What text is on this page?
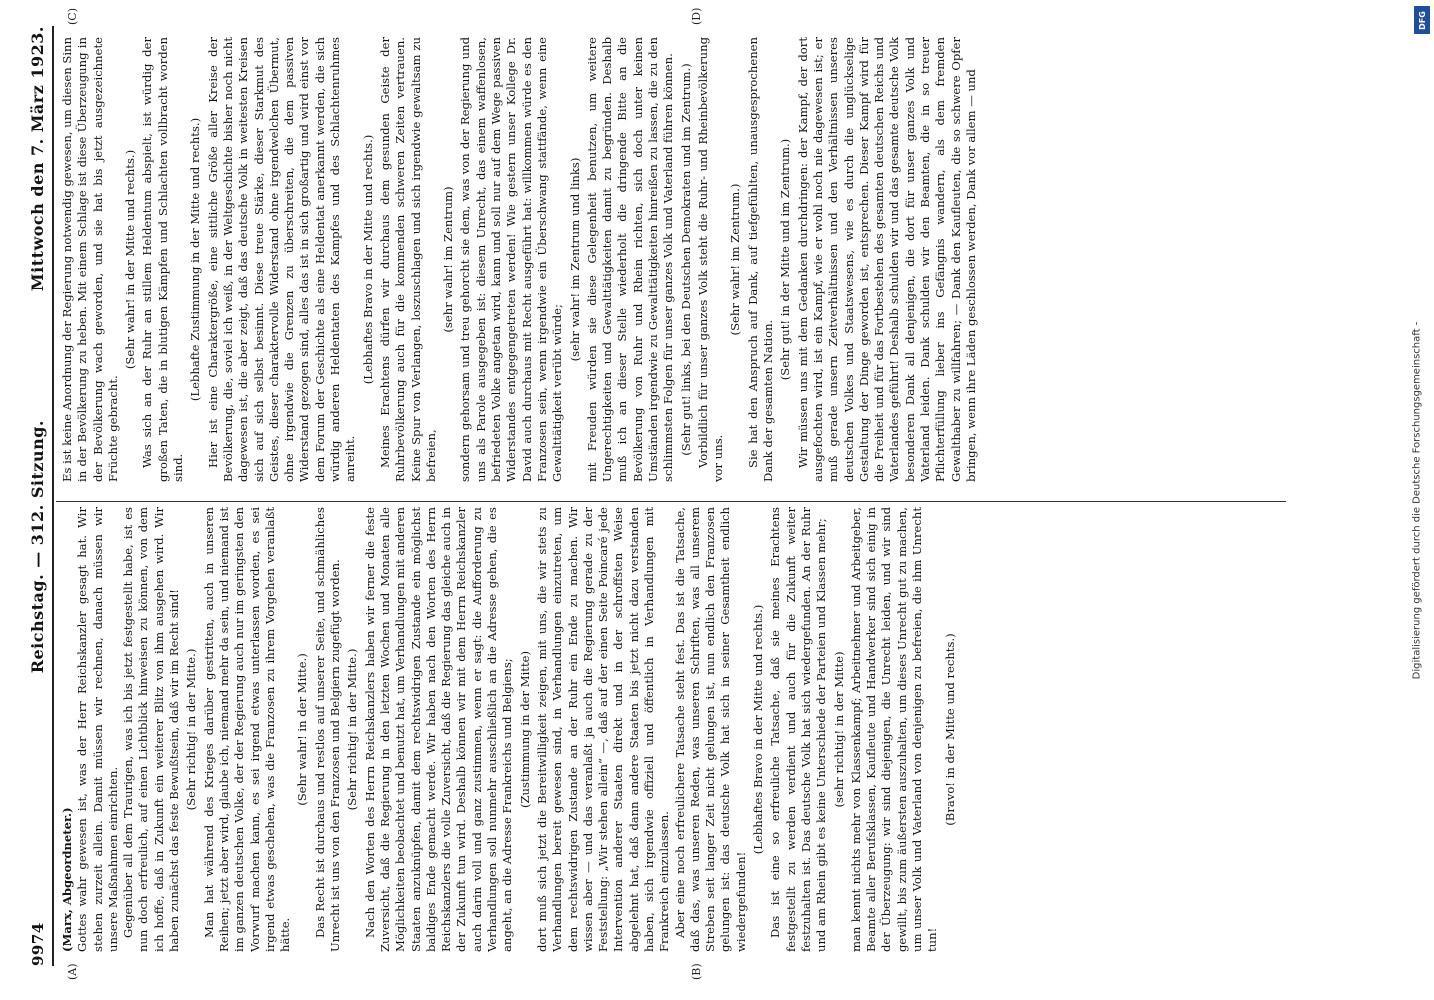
9974
Reichstag. — 312. Sitzung.
Mittwoch den 7. März 1923.
(A)	(B)
(C)	(D)

(Marx, Abgeordneter.) Gottes wahr gewesen ist, was der Herr Reichskanzler gesagt hat. Wir stehen zurzeit allein. Damit müssen wir rechnen, danach müssen wir unsere Maßnahmen einrichten. Gegenüber all dem Traurigen, was ich bis jetzt festgestellt habe, ist es nun doch erfreulich, auf einen Lichtblick hinweisen zu können, von dem ich hoffe, daß in Zukunft ein weiterer Blitz von ihm ausgehen wird. Wir haben zunächst das feste Bewußtsein, daß wir im Recht sind! (Sehr richtig! in der Mitte.) Man hat während des Krieges darüber gestritten, auch in unseren Reihen; jetzt aber wird, glaube ich, niemand mehr da sein, und niemand ist im ganzen deutschen Volke, der der Regierung auch nur im geringsten den Vorwurf machen kann, es sei irgend etwas unterlassen worden, es sei irgend etwas geschehen, was die Franzosen zu ihrem Vorgehen veranlaßt hätte.

(Sehr wahr! in der Mitte.) Das Recht ist durchaus und restlos auf unserer Seite, und schmähliches Unrecht ist uns von den Franzosen und Belgiern zugefügt worden. (Sehr richtig! in der Mitte.) Nach den Worten des Herrn Reichskanzlers haben wir ferner die feste Zuversicht, daß die Regierung in den letzten Wochen und Monaten alle Möglichkeiten beobachtet und benutzt hat, um Verhandlungen mit anderen Staaten anzuknüpfen, damit dem rechtswidrigen Zustande ein möglichst baldiges Ende gemacht werde. Wir haben nach den Worten des Herrn Reichskanzlers die volle Zuversicht, daß die Regierung das gleiche auch in der Zukunft tun wird. Deshalb können wir mit dem Herrn Reichskanzler auch darin voll und ganz zustimmen, wenn er sagt: die Aufforderung zu Verhandlungen soll nunmehr ausschließlich an die Adresse gehen, die es angeht, an die Adresse Frankreichs und Belgiens; (Zustimmung in der Mitte) dort muß sich jetzt die Bereitwilligkeit zeigen, mit uns, die wir stets zu Verhandlungen bereit gewesen sind, in Verhandlungen einzutreten, um dem rechtswidrigen Zustande an der Ruhr ein Ende zu machen. Wir wissen aber — und das veranlaßt ja auch die Regierung gerade zu der Feststellung: „Wir stehen allein“ —, daß auf der einen Seite Poincaré jede Intervention anderer Staaten direkt und in der schroffsten Weise abgelehnt hat, daß dann andere Staaten bis jetzt nicht dazu verstanden haben, sich irgendwie offiziell und öffentlich in Verhandlungen mit Frankreich einzulassen. Aber eine noch erfreulichere Tatsache steht fest. Das ist die Tatsache, daß das, was unseren Reden, was unseren Schriften, was all unserem Streben seit langer Zeit nicht gelungen ist, nun endlich den Franzosen gelungen ist: das deutsche Volk hat sich in seiner Gesamtheit endlich wiedergefunden!

(Lebhaftes Bravo in der Mitte und rechts.) Das ist eine so erfreuliche Tatsache, daß sie meines Erachtens festgestellt zu werden verdient und auch für die Zukunft weiter festzuhalten ist. Das deutsche Volk hat sich wiedergefunden. An der Ruhr und am Rhein gibt es keine Unterschiede der Parteien und Klassen mehr; (sehr richtig! in der Mitte) man kennt nichts mehr von Klassenkampf; Arbeitnehmer und Arbeitgeber, Beamte aller Berufsklassen, Kaufleute und Handwerker sind sich einig in der Überzeugung: wir sind diejenigen, die Unrecht leiden, und wir sind gewillt, bis zum äußersten auszuhalten, um dieses Unrecht gut zu machen, um unser Volk und Vaterland von denjenigen zu befreien, die ihm Unrecht tun!

(Bravo! in der Mitte und rechts.)

Es ist keine Anordnung der Regierung notwendig gewesen, um diesen Sinn in der Bevölkerung zu heben. Mit einem Schlage ist diese Überzeugung in der Bevölkerung wach geworden, und sie hat bis jetzt ausgezeichnete Früchte gebracht.

(Sehr wahr! in der Mitte und rechts.) Was sich an der Ruhr an stillem Heldentum abspielt, ist würdig der großen Taten, die in blutigen Kämpfen und Schlachten vollbracht worden sind.

(Lebhafte Zustimmung in der Mitte und rechts.) Hier ist eine Charaktergröße, eine sittliche Größe aller Kreise der Bevölkerung, die, soviel ich weiß, in der Weltgeschichte bisher noch nicht dagewesen ist, die aber zeigt, daß das deutsche Volk in weitesten Kreisen sich auf sich selbst besinnt. Diese treue Stärke, dieser Starkmut des Geistes, dieser charaktervolle Widerstand ohne irgendwelchen Übermut, ohne irgendwie die Grenzen zu überschreiten, die dem passiven Widerstand gezogen sind, alles das ist in sich großartig und wird einst vor dem Forum der Geschichte als eine Heldentat anerkannt werden, die sich würdig anderen Heldentaten des Kampfes und des Schlachtenruhmes anreiht.

(Lebhaftes Bravo in der Mitte und rechts.) Meines Erachtens dürfen wir durchaus dem gesunden Geiste der Ruhrbevölkerung auch für die kommenden schweren Zeiten vertrauen. Keine Spur von Verlangen, loszuschlagen und sich irgendwie gewaltsam zu befreien,

(sehr wahr! im Zentrum) sondern gehorsam und treu gehorcht sie dem, was von der Regierung und uns als Parole ausgegeben ist: diesem Unrecht, das einem waffenlosen, befriedeten Volke angetan wird, kann und soll nur auf dem Wege passiven Widerstandes entgegengetreten werden! Wie gestern unser Kollege Dr. David auch durchaus mit Recht ausgeführt hat: willkommen würde es den Franzosen sein, wenn irgendwie ein Überschwang stattfände, wenn eine Gewalttätigkeit verübt würde;

(sehr wahr! im Zentrum und links) mit Freuden würden sie diese Gelegenheit benutzen, um weitere Ungerechtigkeiten und Gewalttätigkeiten damit zu begründen. Deshalb muß ich an dieser Stelle wiederholt die dringende Bitte an die Bevölkerung von Ruhr und Rhein richten, sich doch unter keinen Umständen irgendwie zu Gewalttätigkeiten hinreißen zu lassen, die zu den schlimmsten Folgen für unser ganzes Volk und Vaterland führen können. (Sehr gut! links, bei den Deutschen Demokraten und im Zentrum.) Vorbildlich für unser ganzes Volk steht die Ruhr- und Rheinbevölkerung vor uns.

(Sehr wahr! im Zentrum.) Sie hat den Anspruch auf Dank, auf tiefgefühlten, unausgesprochenen Dank der gesamten Nation.

(Sehr gut! in der Mitte und im Zentrum.) Wir müssen uns mit dem Gedanken durchdringen: der Kampf, der dort ausgefochten wird, ist ein Kampf, wie er wohl noch nie dagewesen ist; er muß gerade unsern Zeitverhältnissen und den Verhältnissen unseres deutschen Volkes und Staatswesens, wie es durch die unglückselige Gestaltung der Dinge geworden ist, entsprechen. Dieser Kampf wird für die Freiheit und für das Fortbestehen des gesamten deutschen Reichs und Vaterlandes geführt! Deshalb schulden wir und das gesamte deutsche Volk besonderen Dank all denjenigen, die dort für unser ganzes Volk und Vaterland leiden. Dank schulden wir den Beamten, die in so treuer Pflichterfüllung lieber ins Gefängnis wandern, als dem fremden Gewalthaber zu willfahren; — Dank den Kaufleuten, die so schwere Opfer bringen, wenn ihre Läden geschlossen werden, Dank vor allem — und

Digitalisierung gefördert durch die Deutsche Forschungsgemeinschaft -
DFG
